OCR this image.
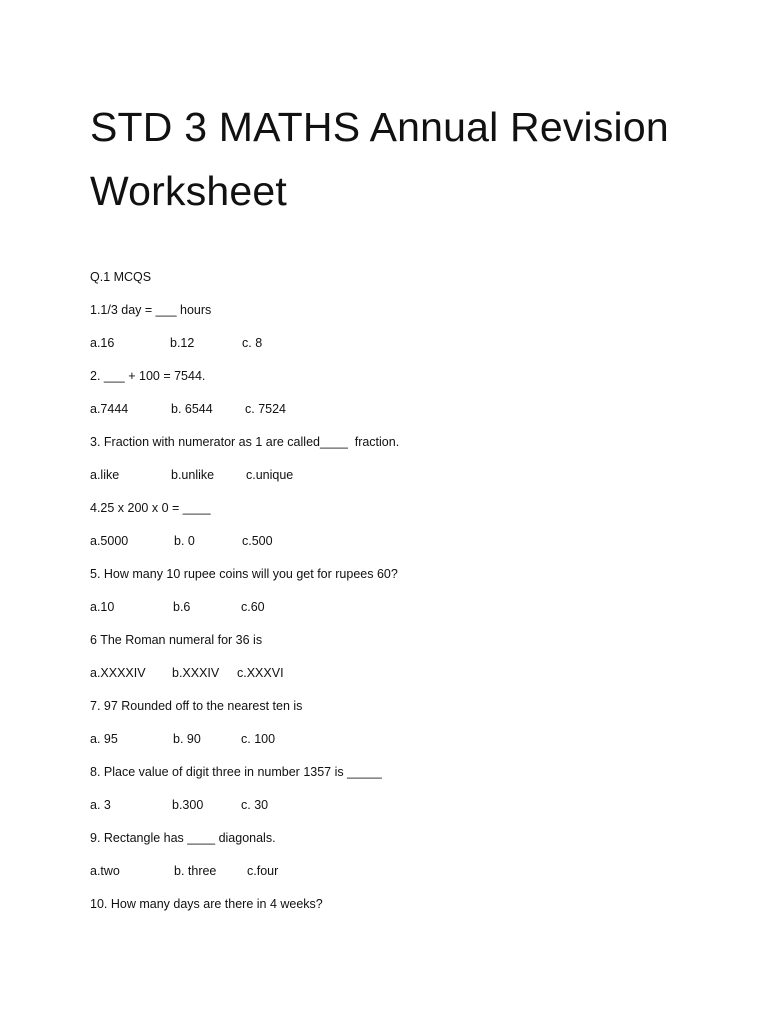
STD 3 MATHS Annual Revision Worksheet
Q.1 MCQS
1.1/3 day = ___ hours

a.16

	b.12

	c. 8

2. ___ + 100 = 7544.

a.7444

	b. 6544

	c. 7524

3. Fraction with numerator as 1 are called____  fraction.

a.like

	b.unlike

	c.unique

4.25 x 200 x 0 = ____

a.5000

	b. 0

	c.500

5. How many 10 rupee coins will you get for rupees 60?

a.10

	b.6

	c.60

6 The Roman numeral for 36 is

a.XXXXIV

b.XXXIV

c.XXXVI

7. 97 Rounded off to the nearest ten is

a. 95

	b. 90

	c. 100

8. Place value of digit three in number 1357 is _____

a. 3

	b.300

	c. 30

9. Rectangle has ____ diagonals.

a.two

	b. three

c.four

10. How many days are there in 4 weeks?
